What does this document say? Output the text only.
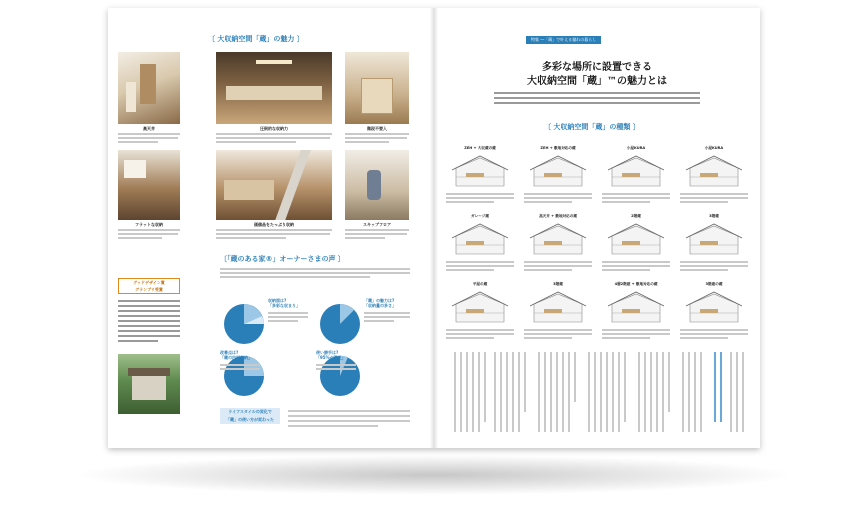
〔 大収納空間「蔵」の魅力 〕
高天井	圧倒的な収納力	階段不要入
フラットな収納	価値品をたっぷり収納	スキップフロア
〔「蔵のある家®」オーナーさまの声 〕
グッドデザイン賞
グランプリ受賞
収納面は?
「多彩な収まり」
「蔵」の魅力は?
「収納量の多さ」
改善点は?
「蔵の内部収納」
使い勝手は?
「95%が満足」
ライフスタイルの変化で
「蔵」の使い方が変わった
特集 ―「蔵」で叶える憧れの暮らし
多彩な場所に設置できる
大収納空間「蔵」™の魅力とは
〔 大収納空間「蔵」の種類 〕
ZEH + 大収蔵の蔵	ZEH + 敷地対応の蔵	小屋KURA	小屋KURA
ガレージ蔵	高天井 + 敷地対応の蔵	2階蔵	3階蔵
平屋の蔵	3階蔵	4層2階建 + 敷地対応の蔵	3階建の蔵
